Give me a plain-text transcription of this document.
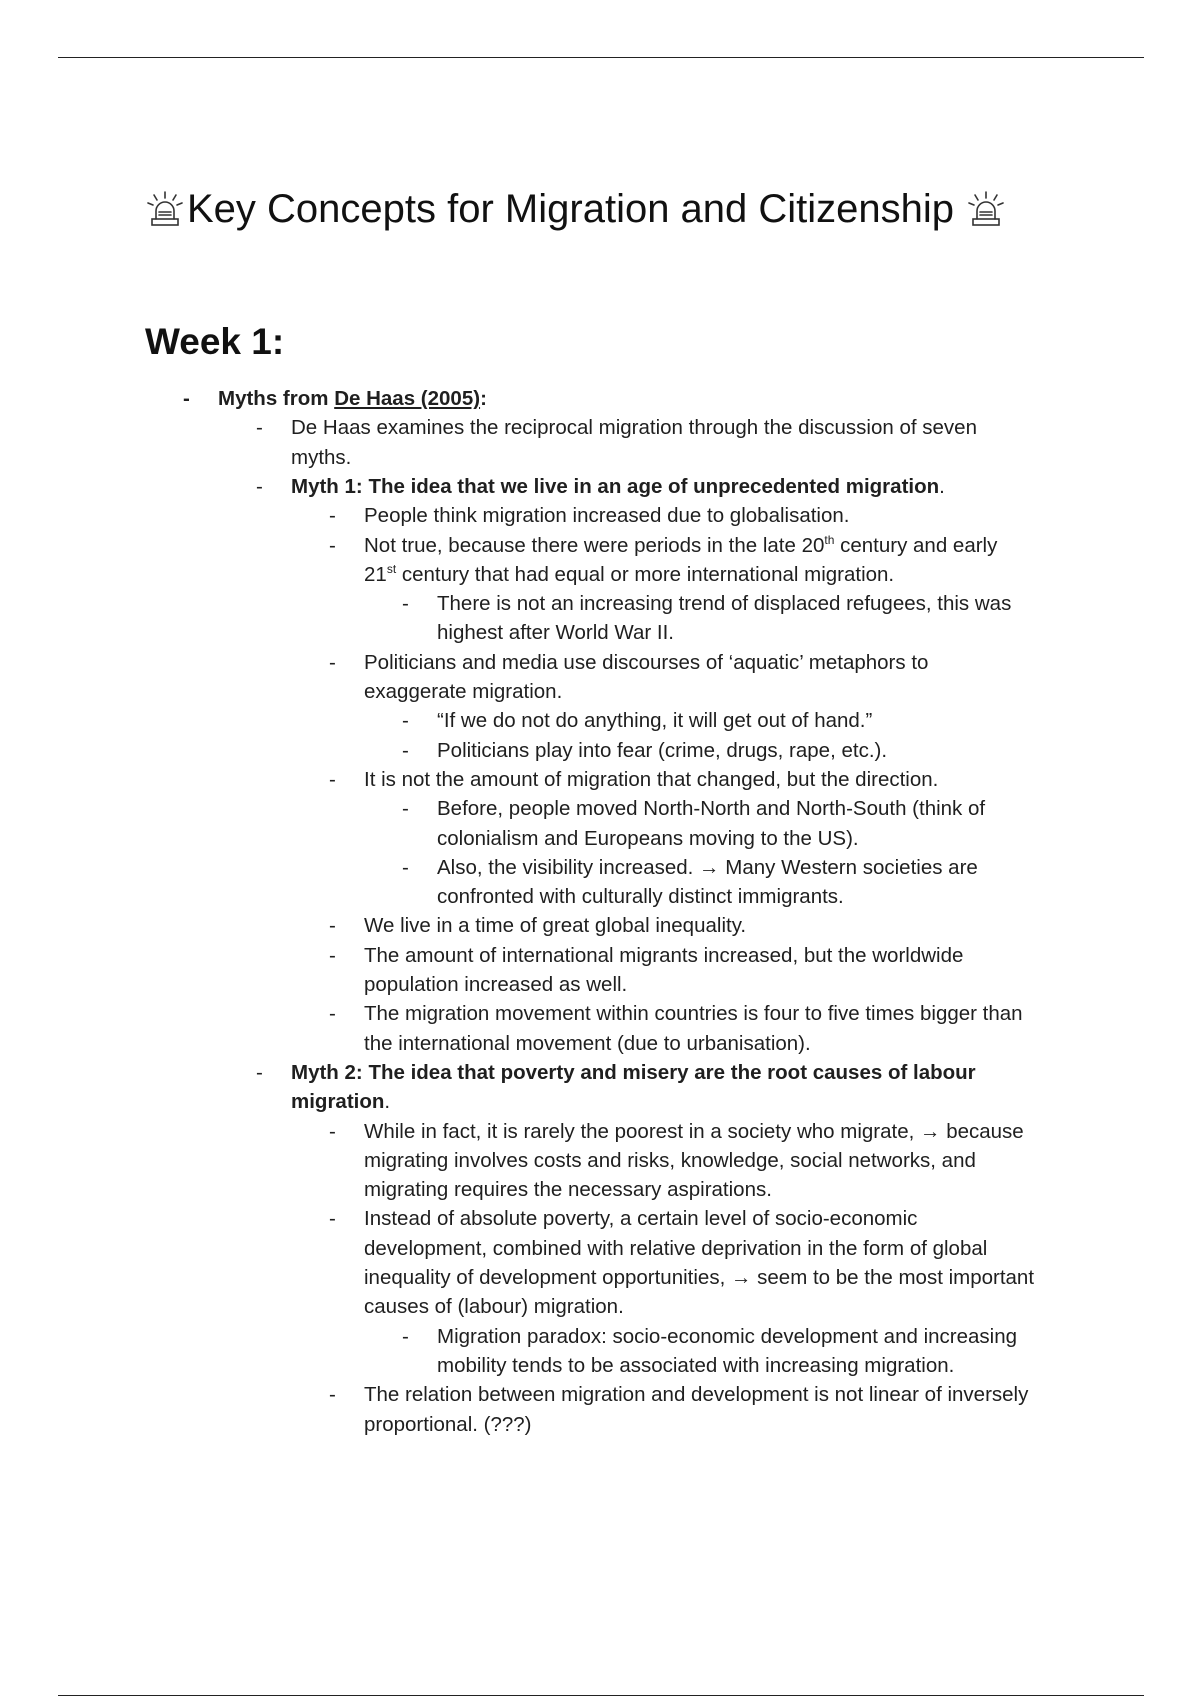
Key Concepts for Migration and Citizenship
Week 1:
- Myths from De Haas (2005):
- De Haas examines the reciprocal migration through the discussion of seven
myths.
- Myth 1: The idea that we live in an age of unprecedented migration.
- People think migration increased due to globalisation.
- Not true, because there were periods in the late 20th century and early
21st century that had equal or more international migration.
- There is not an increasing trend of displaced refugees, this was
highest after World War II.
- Politicians and media use discourses of ‘aquatic’ metaphors to
exaggerate migration.
- “If we do not do anything, it will get out of hand.”
- Politicians play into fear (crime, drugs, rape, etc.).
- It is not the amount of migration that changed, but the direction.
- Before, people moved North-North and North-South (think of
colonialism and Europeans moving to the US).
- Also, the visibility increased. → Many Western societies are
confronted with culturally distinct immigrants.
- We live in a time of great global inequality.
- The amount of international migrants increased, but the worldwide
population increased as well.
- The migration movement within countries is four to five times bigger than
the international movement (due to urbanisation).
- Myth 2: The idea that poverty and misery are the root causes of labour
migration.
- While in fact, it is rarely the poorest in a society who migrate, → because
migrating involves costs and risks, knowledge, social networks, and
migrating requires the necessary aspirations.
- Instead of absolute poverty, a certain level of socio-economic
development, combined with relative deprivation in the form of global
inequality of development opportunities, → seem to be the most important
causes of (labour) migration.
- Migration paradox: socio-economic development and increasing
mobility tends to be associated with increasing migration.
- The relation between migration and development is not linear of inversely
proportional. (???)
